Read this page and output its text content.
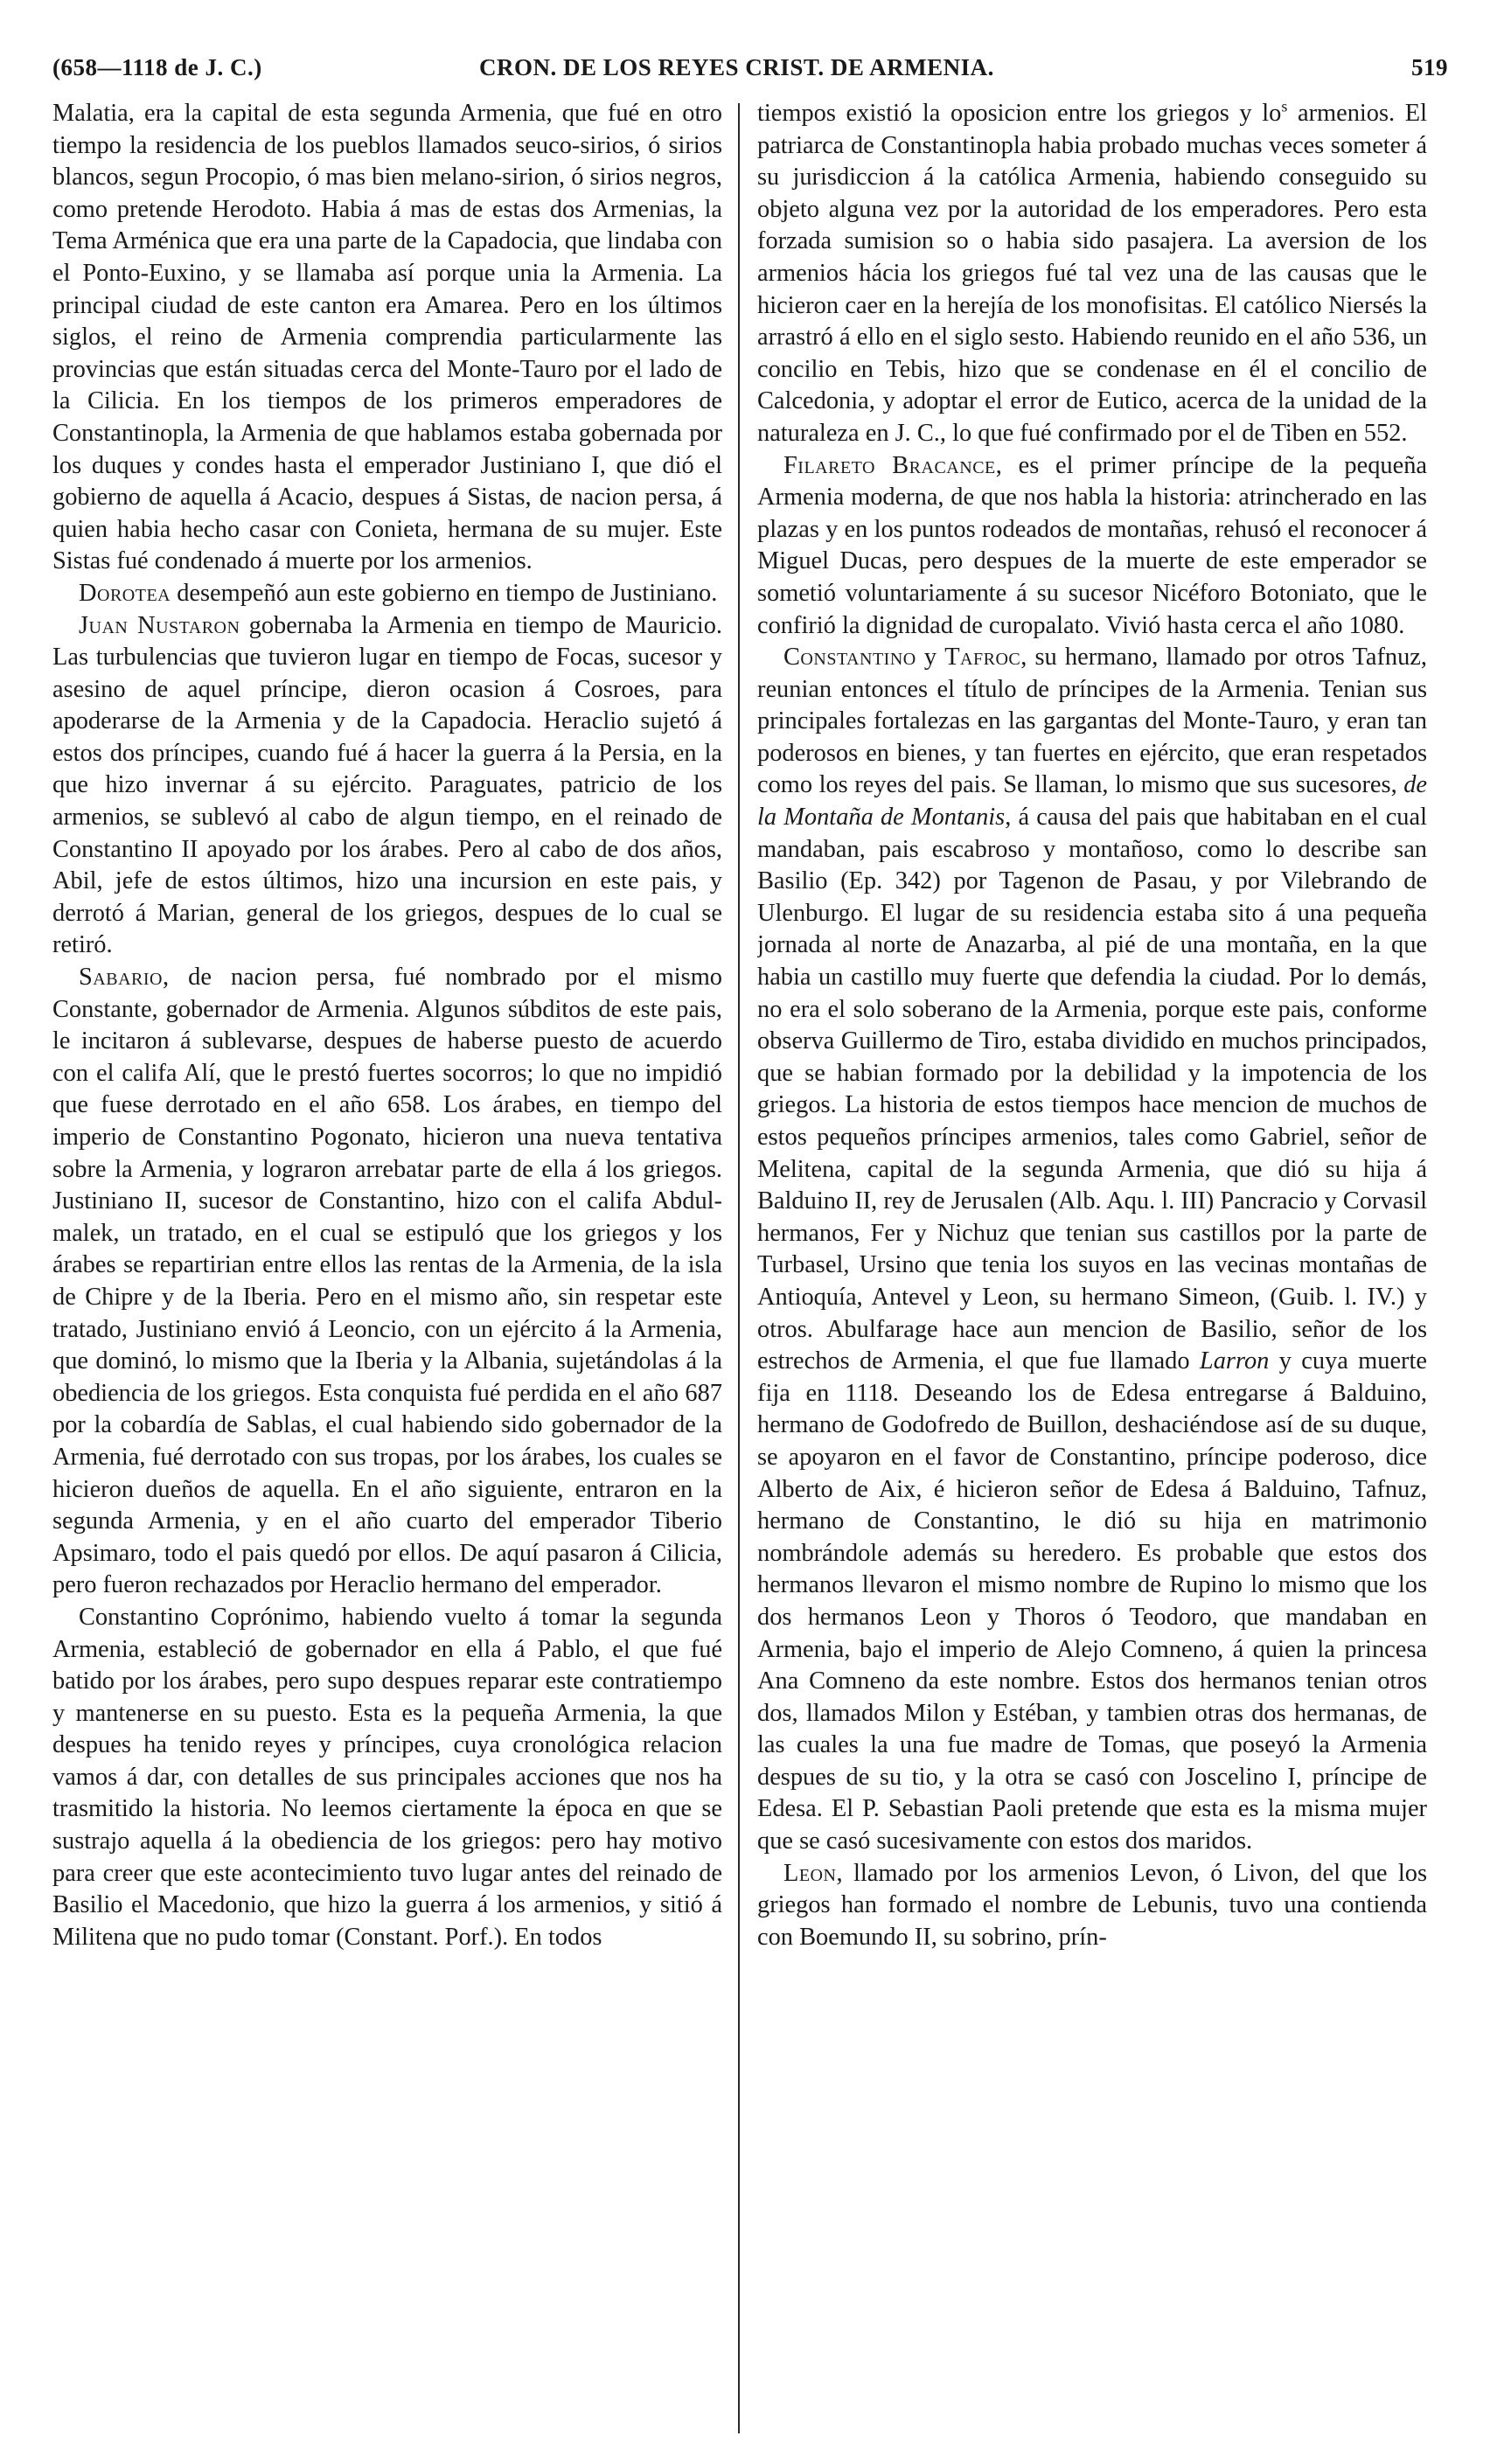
(658—1118 de J. C.)	CRON. DE LOS REYES CRIST. DE ARMENIA.	519

Malatia, era la capital de esta segunda Armenia, que fué en otro tiempo la residencia de los pueblos llamados seuco-sirios, ó sirios blancos, segun Procopio, ó mas bien melano-sirion, ó sirios negros, como pretende Herodoto. Habia á mas de estas dos Armenias, la Tema Arménica que era una parte de la Capadocia, que lindaba con el Ponto-Euxino, y se llamaba así porque unia la Armenia. La principal ciudad de este canton era Amarea. Pero en los últimos siglos, el reino de Armenia comprendia particularmente las provincias que están situadas cerca del Monte-Tauro por el lado de la Cilicia. En los tiempos de los primeros emperadores de Constantinopla, la Armenia de que hablamos estaba gobernada por los duques y condes hasta el emperador Justiniano I, que dió el gobierno de aquella á Acacio, despues á Sistas, de nacion persa, á quien habia hecho casar con Conieta, hermana de su mujer. Este Sistas fué condenado á muerte por los armenios.

Dorotea desempeñó aun este gobierno en tiempo de Justiniano.

Juan Nustaron gobernaba la Armenia en tiempo de Mauricio. Las turbulencias que tuvieron lugar en tiempo de Focas, sucesor y asesino de aquel príncipe, dieron ocasion á Cosroes, para apoderarse de la Armenia y de la Capadocia. Heraclio sujetó á estos dos príncipes, cuando fué á hacer la guerra á la Persia, en la que hizo invernar á su ejército. Paraguates, patricio de los armenios, se sublevó al cabo de algun tiempo, en el reinado de Constantino II apoyado por los árabes. Pero al cabo de dos años, Abil, jefe de estos últimos, hizo una incursion en este pais, y derrotó á Marian, general de los griegos, despues de lo cual se retiró.

Sabario, de nacion persa, fué nombrado por el mismo Constante, gobernador de Armenia. Algunos súbditos de este pais, le incitaron á sublevarse, despues de haberse puesto de acuerdo con el califa Alí, que le prestó fuertes socorros; lo que no impidió que fuese derrotado en el año 658. Los árabes, en tiempo del imperio de Constantino Pogonato, hicieron una nueva tentativa sobre la Armenia, y lograron arrebatar parte de ella á los griegos. Justiniano II, sucesor de Constantino, hizo con el califa Abdul-malek, un tratado, en el cual se estipuló que los griegos y los árabes se repartirian entre ellos las rentas de la Armenia, de la isla de Chipre y de la Iberia. Pero en el mismo año, sin respetar este tratado, Justiniano envió á Leoncio, con un ejército á la Armenia, que dominó, lo mismo que la Iberia y la Albania, sujetándolas á la obediencia de los griegos. Esta conquista fué perdida en el año 687 por la cobardía de Sablas, el cual habiendo sido gobernador de la Armenia, fué derrotado con sus tropas, por los árabes, los cuales se hicieron dueños de aquella. En el año siguiente, entraron en la segunda Armenia, y en el año cuarto del emperador Tiberio Apsimaro, todo el pais quedó por ellos. De aquí pasaron á Cilicia, pero fueron rechazados por Heraclio hermano del emperador.

Constantino Coprónimo, habiendo vuelto á tomar la segunda Armenia, estableció de gobernador en ella á Pablo, el que fué batido por los árabes, pero supo despues reparar este contratiempo y mantenerse en su puesto. Esta es la pequeña Armenia, la que despues ha tenido reyes y príncipes, cuya cronológica relacion vamos á dar, con detalles de sus principales acciones que nos ha trasmitido la historia. No leemos ciertamente la época en que se sustrajo aquella á la obediencia de los griegos: pero hay motivo para creer que este acontecimiento tuvo lugar antes del reinado de Basilio el Macedonio, que hizo la guerra á los armenios, y sitió á Militena que no pudo tomar (Constant. Porf.). En todos

tiempos existió la oposicion entre los griegos y $lo^s$ armenios. El patriarca de Constantinopla habia probado muchas veces someter á su jurisdiccion á la católica Armenia, habiendo conseguido su objeto alguna vez por la autoridad de los emperadores. Pero esta forzada sumision so o habia sido pasajera. La aversion de los armenios hácia los griegos fué tal vez una de las causas que le hicieron caer en la herejía de los monofisitas. El católico Niersés la arrastró á ello en el siglo sesto. Habiendo reunido en el año 536, un concilio en Tebis, hizo que se condenase en él el concilio de Calcedonia, y adoptar el error de Eutico, acerca de la unidad de la naturaleza en J. C., lo que fué confirmado por el de Tiben en 552.

Filareto Bracance, es el primer príncipe de la pequeña Armenia moderna, de que nos habla la historia: atrincherado en las plazas y en los puntos rodeados de montañas, rehusó el reconocer á Miguel Ducas, pero despues de la muerte de este emperador se sometió voluntariamente á su sucesor Nicéforo Botoniato, que le confirió la dignidad de curopalato. Vivió hasta cerca el año 1080.

Constantino y Tafroc, su hermano, llamado por otros Tafnuz, reunian entonces el título de príncipes de la Armenia. Tenian sus principales fortalezas en las gargantas del Monte-Tauro, y eran tan poderosos en bienes, y tan fuertes en ejército, que eran respetados como los reyes del pais. Se llaman, lo mismo que sus sucesores, de la Montaña de Montanis, á causa del pais que habitaban en el cual mandaban, pais escabroso y montañoso, como lo describe san Basilio (Ep. 342) por Tagenon de Pasau, y por Vilebrando de Ulenburgo. El lugar de su residencia estaba sito á una pequeña jornada al norte de Anazarba, al pié de una montaña, en la que habia un castillo muy fuerte que defendia la ciudad. Por lo demás, no era el solo soberano de la Armenia, porque este pais, conforme observa Guillermo de Tiro, estaba dividido en muchos principados, que se habian formado por la debilidad y la impotencia de los griegos. La historia de estos tiempos hace mencion de muchos de estos pequeños príncipes armenios, tales como Gabriel, señor de Melitena, capital de la segunda Armenia, que dió su hija á Balduino II, rey de Jerusalen (Alb. Aqu. l. III) Pancracio y Corvasil hermanos, Fer y Nichuz que tenian sus castillos por la parte de Turbasel, Ursino que tenia los suyos en las vecinas montañas de Antioquía, Antevel y Leon, su hermano Simeon, (Guib. l. IV.) y otros. Abulfarage hace aun mencion de Basilio, señor de los estrechos de Armenia, el que fue llamado Larron y cuya muerte fija en 1118. Deseando los de Edesa entregarse á Balduino, hermano de Godofredo de Buillon, deshaciéndose así de su duque, se apoyaron en el favor de Constantino, príncipe poderoso, dice Alberto de Aix, é hicieron señor de Edesa á Balduino, Tafnuz, hermano de Constantino, le dió su hija en matrimonio nombrándole además su heredero. Es probable que estos dos hermanos llevaron el mismo nombre de Rupino lo mismo que los dos hermanos Leon y Thoros ó Teodoro, que mandaban en Armenia, bajo el imperio de Alejo Comneno, á quien la princesa Ana Comneno da este nombre. Estos dos hermanos tenian otros dos, llamados Milon y Estéban, y tambien otras dos hermanas, de las cuales la una fue madre de Tomas, que poseyó la Armenia despues de su tio, y la otra se casó con Joscelino I, príncipe de Edesa. El P. Sebastian Paoli pretende que esta es la misma mujer que se casó sucesivamente con estos dos maridos.

Leon, llamado por los armenios Levon, ó Livon, del que los griegos han formado el nombre de Lebunis, tuvo una contienda con Boemundo II, su sobrino, prín-
